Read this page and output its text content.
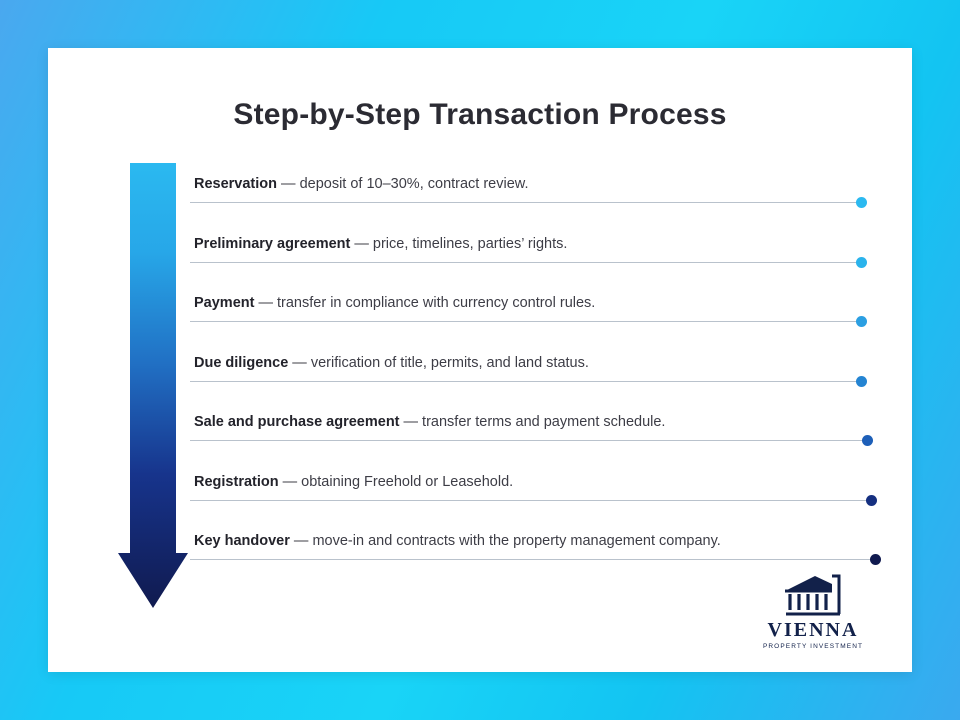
Step-by-Step Transaction Process
Reservation — deposit of 10–30%, contract review.
Preliminary agreement — price, timelines, parties’ rights.
Payment — transfer in compliance with currency control rules.
Due diligence — verification of title, permits, and land status.
Sale and purchase agreement — transfer terms and payment schedule.
Registration — obtaining Freehold or Leasehold.
Key handover — move-in and contracts with the property management company.
VIENNA
PROPERTY INVESTMENT
